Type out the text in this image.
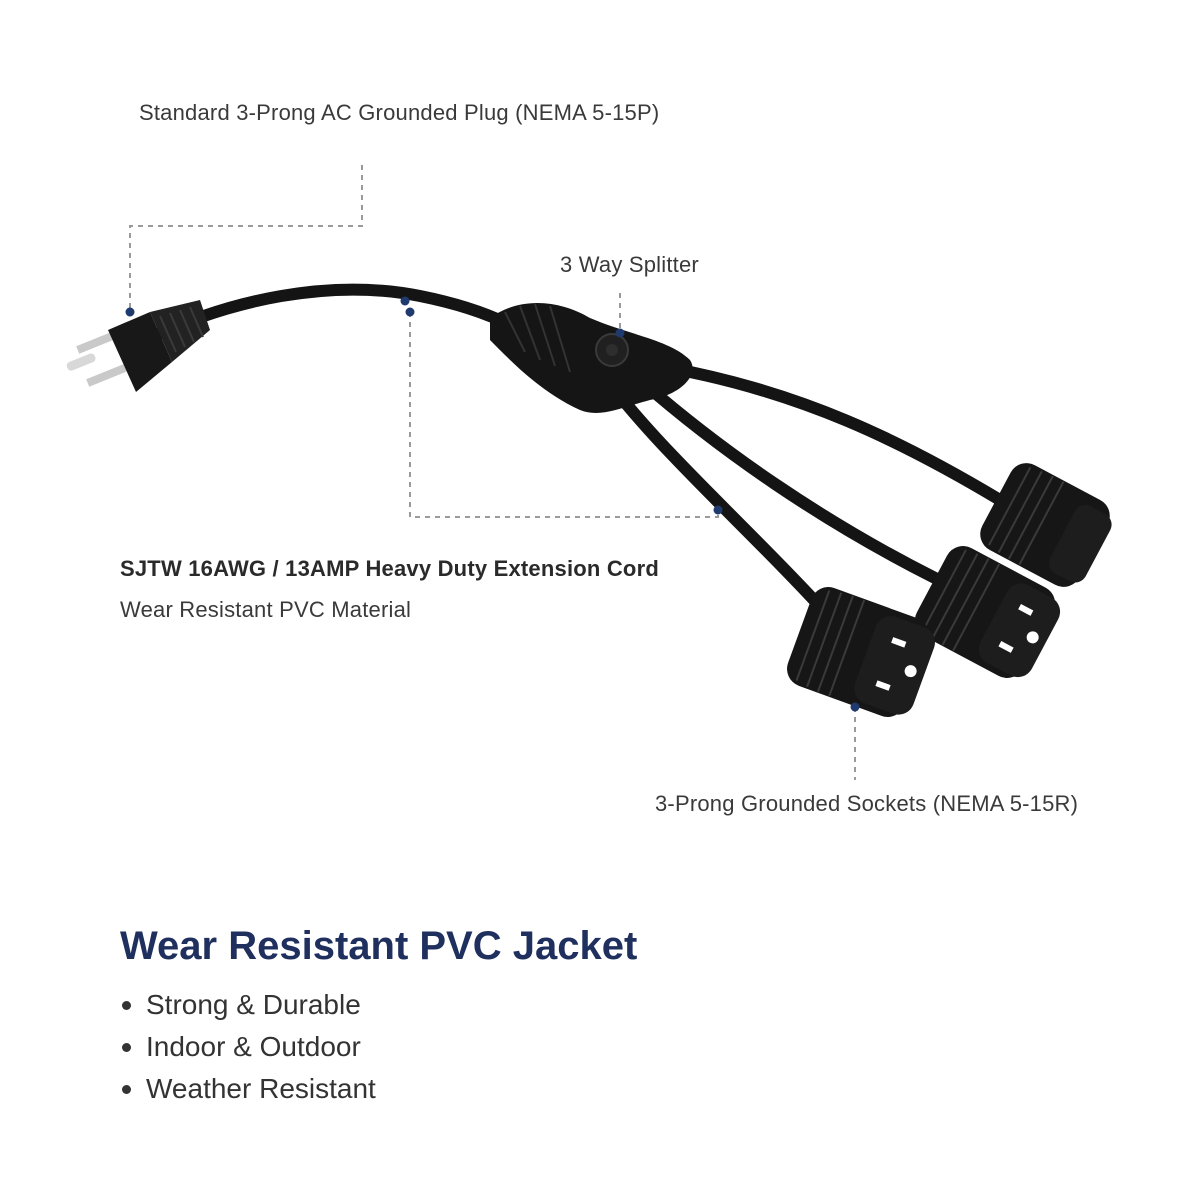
Standard 3-Prong AC Grounded Plug (NEMA 5-15P)
3 Way Splitter
SJTW 16AWG / 13AMP Heavy Duty Extension Cord
Wear Resistant PVC Material
3-Prong Grounded Sockets (NEMA 5-15R)
Wear Resistant PVC Jacket
Strong & Durable
Indoor & Outdoor
Weather Resistant
